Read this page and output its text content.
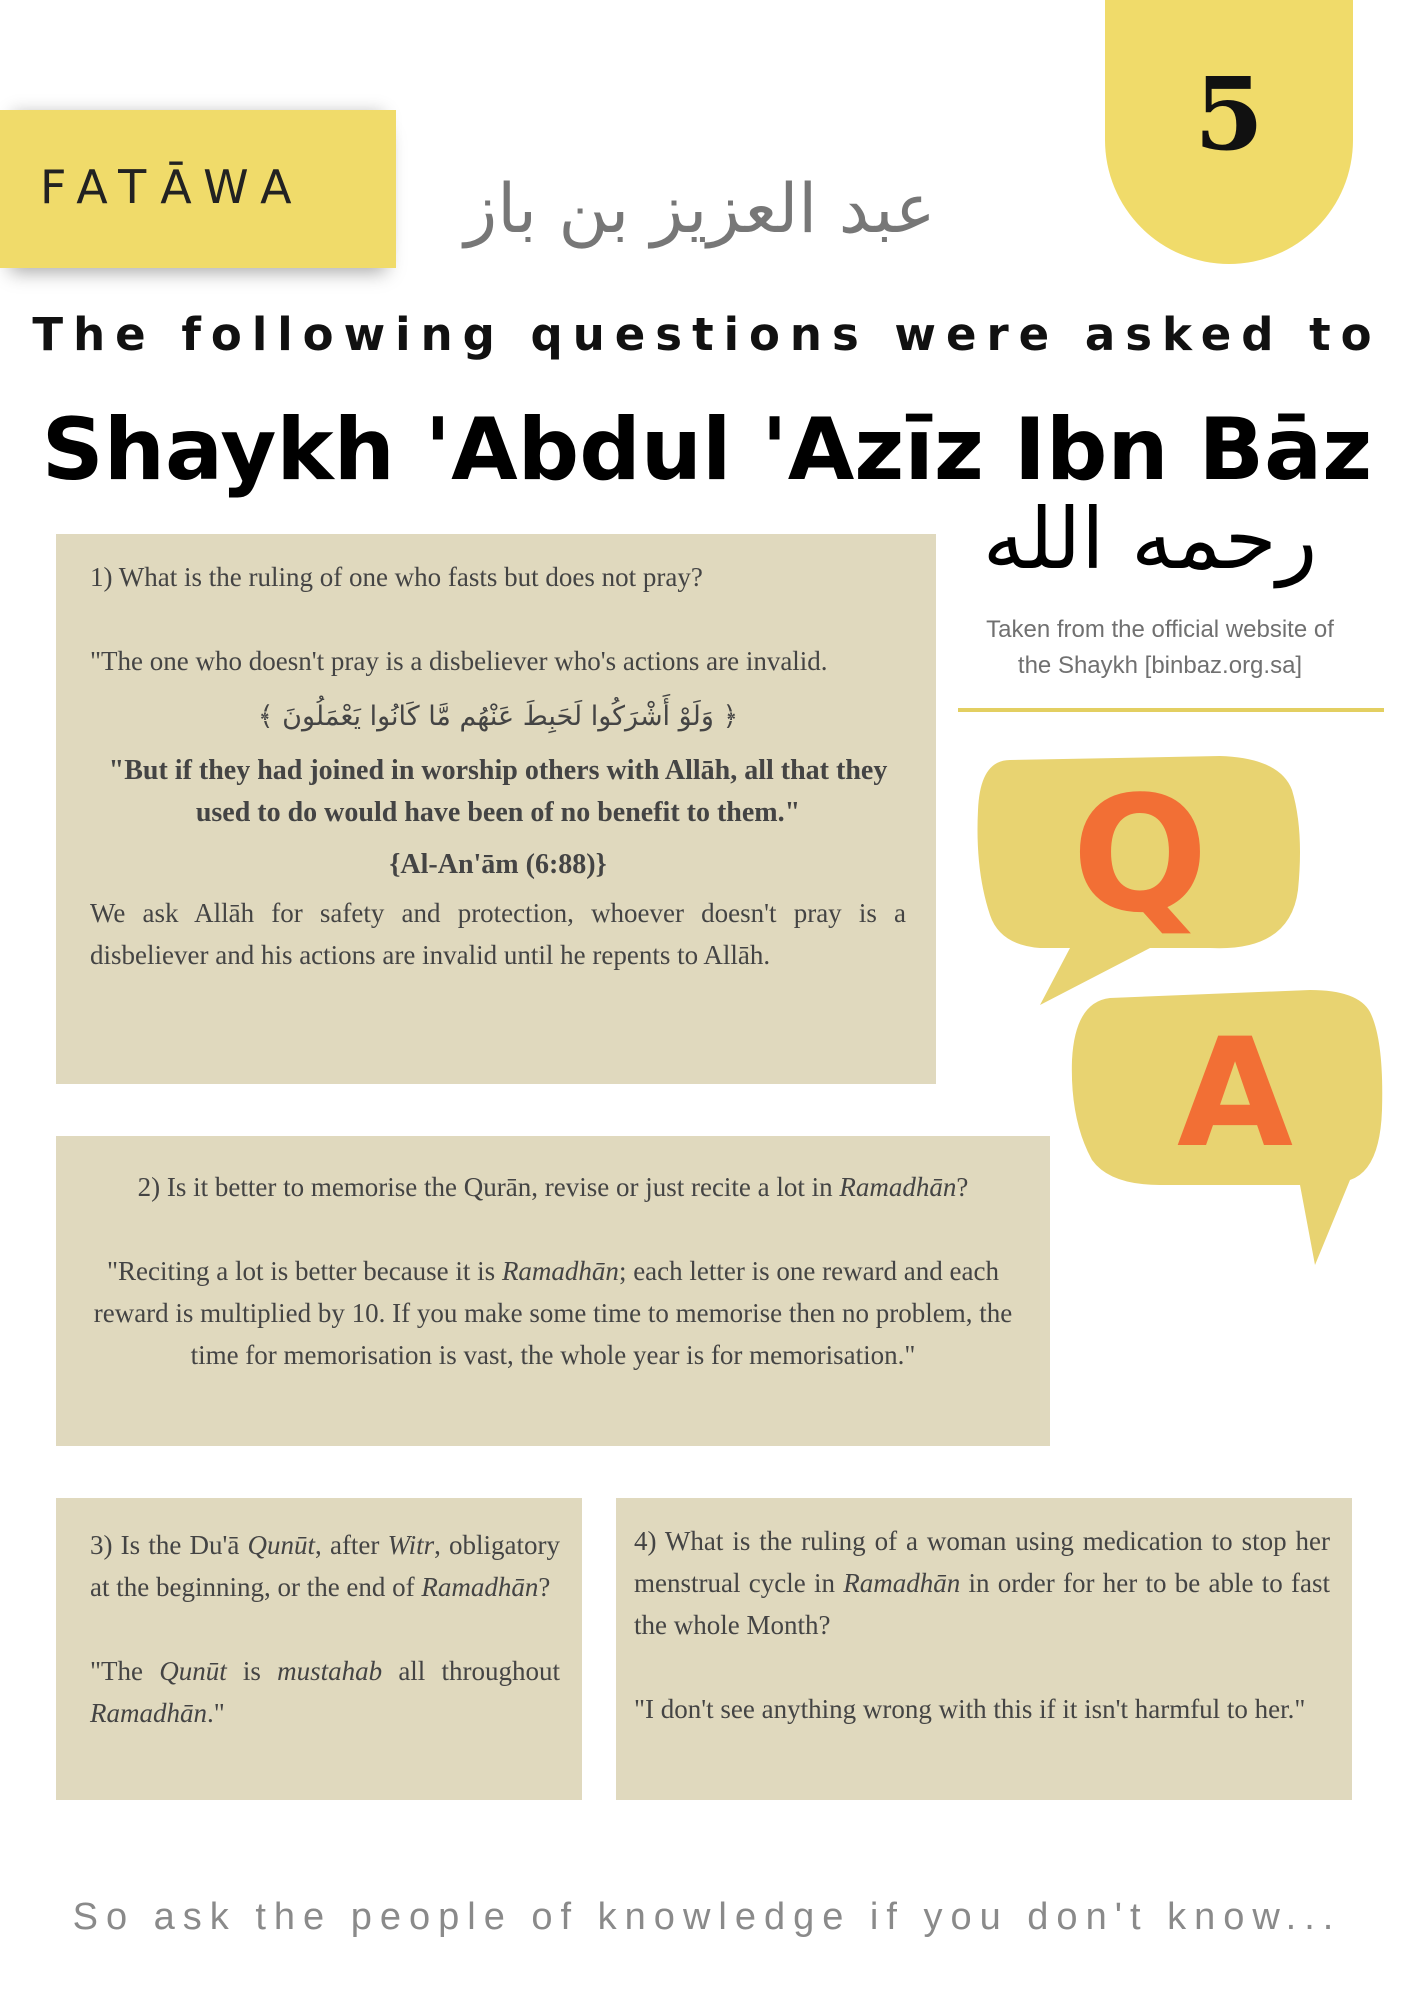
FATĀWA
5
عبد العزيز بن باز
The following questions were asked to
Shaykh 'Abdul 'Azīz Ibn Bāz
رحمه الله
Taken from the official website of
the Shaykh [binbaz.org.sa]
Q
A

1) What is the ruling of one who fasts but does not pray?

"The one who doesn't pray is a disbeliever who's actions are invalid.

﴿ وَلَوْ أَشْرَكُوا لَحَبِطَ عَنْهُم مَّا كَانُوا يَعْمَلُونَ ﴾

"But if they had joined in worship others with Allāh, all that they used to do would have been of no benefit to them."

{Al-An'ām (6:88)}

We ask Allāh for safety and protection, whoever doesn't pray is a disbeliever and his actions are invalid until he repents to Allāh.

2) Is it better to memorise the Qurān, revise or just recite a lot in Ramadhān?

"Reciting a lot is better because it is Ramadhān; each letter is one reward and each reward is multiplied by 10. If you make some time to memorise then no problem, the time for memorisation is vast, the whole year is for memorisation."

3) Is the Du'ā Qunūt, after Witr, obligatory at the beginning, or the end of Ramadhān?

"The Qunūt is mustahab all throughout Ramadhān."

4) What is the ruling of a woman using medication to stop her menstrual cycle in Ramadhān in order for her to be able to fast the whole Month?

"I don't see anything wrong with this if it isn't harmful to her."

So ask the people of knowledge if you don't know...
